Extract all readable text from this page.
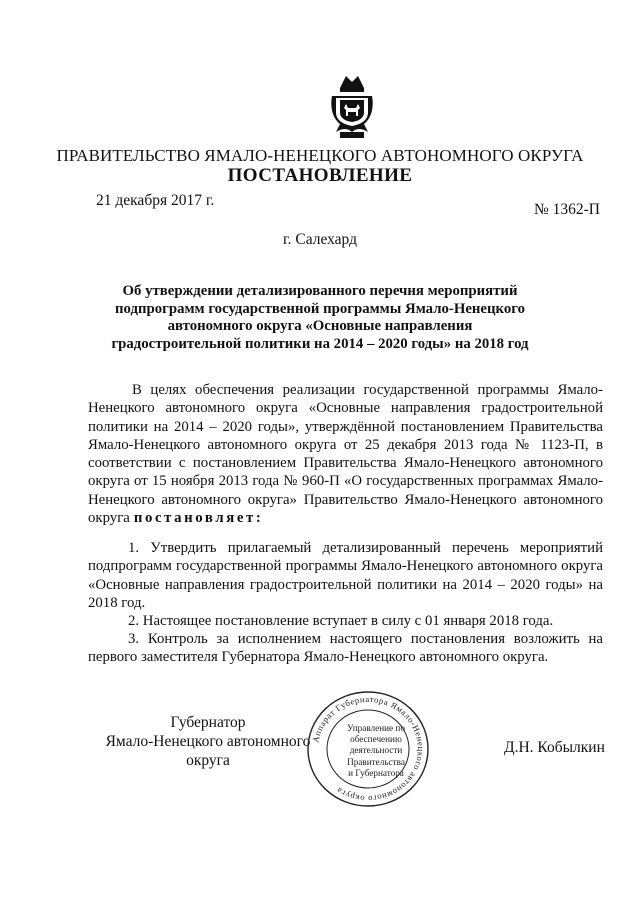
ПРАВИТЕЛЬСТВО ЯМАЛО-НЕНЕЦКОГО АВТОНОМНОГО ОКРУГА
ПОСТАНОВЛЕНИЕ
21 декабря 2017 г.
№ 1362-П
г. Салехард
Об утверждении детализированного перечня мероприятий подпрограмм государственной программы Ямало-Ненецкого автономного округа «Основные направления градостроительной политики на 2014 – 2020 годы» на 2018 год
В целях обеспечения реализации государственной программы Ямало-Ненецкого автономного округа «Основные направления градостроительной политики на 2014 – 2020 годы», утверждённой постановлением Правительства Ямало-Ненецкого автономного округа от 25 декабря 2013 года № 1123-П, в соответствии с постановлением Правительства Ямало-Ненецкого автономного округа от 15 ноября 2013 года № 960-П «О государственных программах Ямало-Ненецкого автономного округа» Правительство Ямало-Ненецкого автономного округа постановляет:
1. Утвердить прилагаемый детализированный перечень мероприятий подпрограмм государственной программы Ямало-Ненецкого автономного округа «Основные направления градостроительной политики на 2014 – 2020 годы» на 2018 год.
2. Настоящее постановление вступает в силу с 01 января 2018 года.
3. Контроль за исполнением настоящего постановления возложить на первого заместителя Губернатора Ямало-Ненецкого автономного округа.
Губернатор
Ямало-Ненецкого автономного округа
Д.Н. Кобылкин
Аппарат Губернатора Ямало-Ненецкого автономного округа
Управление по
обеспечению
деятельности
Правительства
и Губернатора
